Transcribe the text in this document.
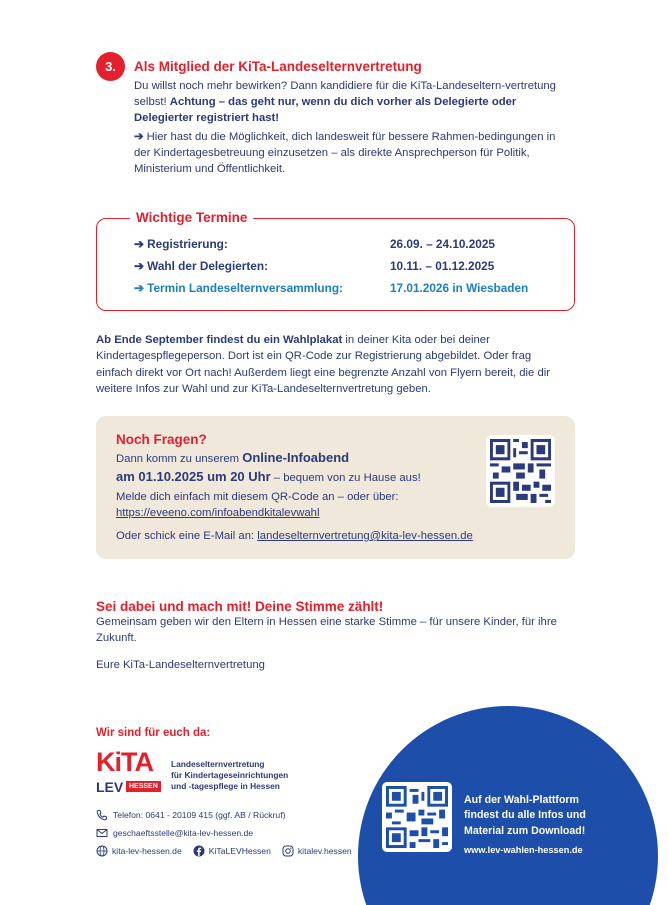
3.	Als Mitglied der KiTa-Landeselternvertretung

Du willst noch mehr bewirken? Dann kandidiere für die KiTa-Landeseltern-vertretung selbst! Achtung – das geht nur, wenn du dich vorher als Delegierte oder Delegierter registriert hast!

➔ Hier hast du die Möglichkeit, dich landesweit für bessere Rahmen-bedingungen in der Kindertagesbetreuung einzusetzen – als direkte Ansprechperson für Politik, Ministerium und Öffentlichkeit.

Wichtige Termine
➔ Registrierung:	26.09. – 24.10.2025
➔ Wahl der Delegierten:	10.11. – 01.12.2025
➔ Termin Landeselternversammlung:	17.01.2026 in Wiesbaden

Ab Ende September findest du ein Wahlplakat in deiner Kita oder bei deiner Kindertagespflegeperson. Dort ist ein QR-Code zur Registrierung abgebildet. Oder frag einfach direkt vor Ort nach! Außerdem liegt eine begrenzte Anzahl von Flyern bereit, die dir weitere Infos zur Wahl und zur KiTa-Landeselternvertretung geben.

Noch Fragen?

Dann komm zu unserem Online-Infoabend
am 01.10.2025 um 20 Uhr – bequem von zu Hause aus!

Melde dich einfach mit diesem QR-Code an – oder über:
https://eveeno.com/infoabendkitalevwahl

Oder schick eine E-Mail an: landeselternvertretung@kita-lev-hessen.de

Sei dabei und mach mit! Deine Stimme zählt!

Gemeinsam geben wir den Eltern in Hessen eine starke Stimme – für unsere Kinder, für ihre Zukunft.

Eure KiTa-Landeselternvertretung

Wir sind für euch da:
KiTA
LEV HESSEN
Landeselternvertretung
für Kindertageseinrichtungen
und -tagespflege in Hessen
Telefon: 0641 - 20109 415 (ggf. AB / Rückruf)
geschaeftsstelle@kita-lev-hessen.de
kita-lev-hessen.de	KiTaLEVHessen	kitalev.hessen
Auf der Wahl-Plattform
findest du alle Infos und
Material zum Download!
www.lev-wahlen-hessen.de
